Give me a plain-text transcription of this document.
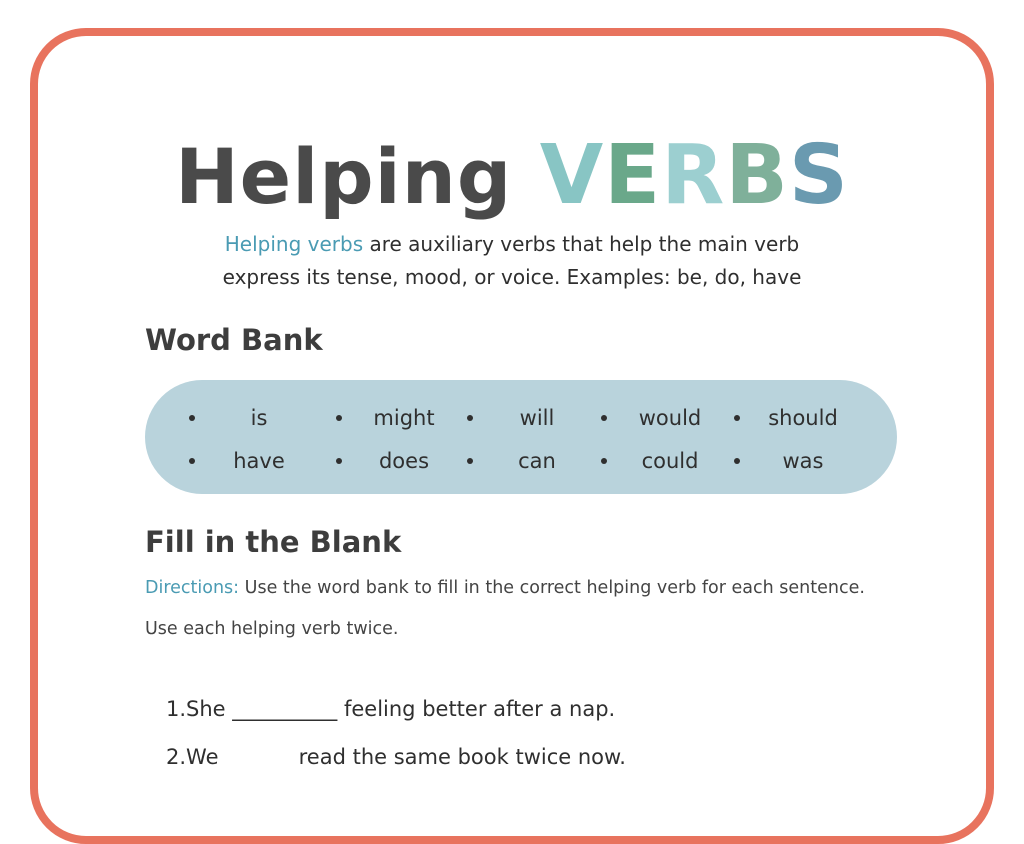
Helping VERBS
Helping verbs are auxiliary verbs that help the main verb
express its tense, mood, or voice. Examples: be, do, have
Word Bank
is	might	will	would	should
have	does	can	could	was
Fill in the Blank
Directions: Use the word bank to fill in the correct helping verb for each sentence. Use each helping verb twice.
1.She __________ feeling better after a nap.
2.We	read the same book twice now.
